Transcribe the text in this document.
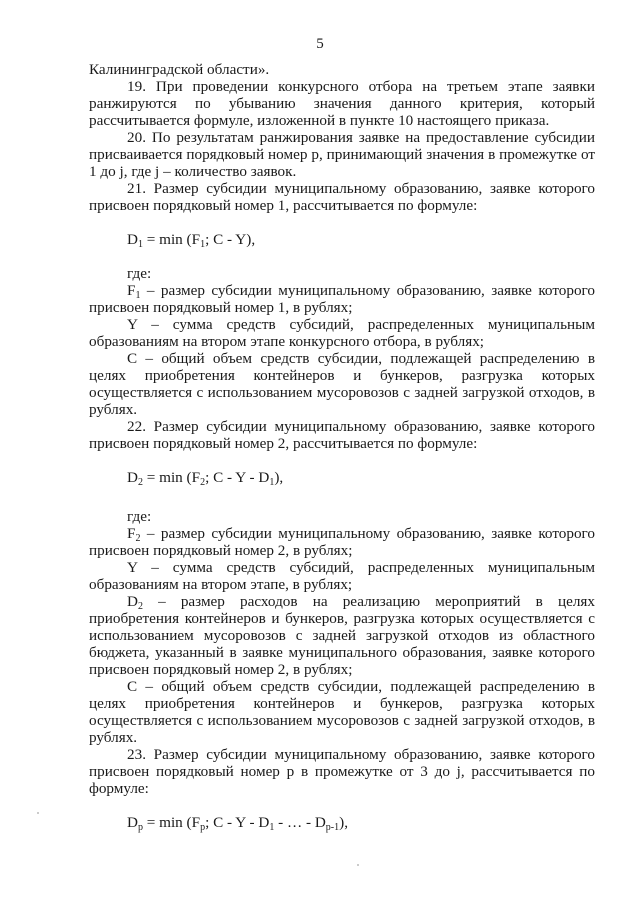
5

Калининградской области».

19. При проведении конкурсного отбора на третьем этапе заявки ранжируются по убыванию значения данного критерия, который рассчитывается формуле, изложенной в пункте 10 настоящего приказа.

20. По результатам ранжирования заявке на предоставление субсидии присваивается порядковый номер p, принимающий значения в промежутке от 1 до j, где j – количество заявок.

21. Размер субсидии муниципальному образованию, заявке которого присвоен порядковый номер 1, рассчитывается по формуле:

$D_1 = \min (F_1$; C - Y),

где:

$F_1$ – размер субсидии муниципальному образованию, заявке которого присвоен порядковый номер 1, в рублях;

Y – сумма средств субсидий, распределенных муниципальным образованиям на втором этапе конкурсного отбора, в рублях;

C – общий объем средств субсидии, подлежащей распределению в целях приобретения контейнеров и бункеров, разгрузка которых осуществляется с использованием мусоровозов с задней загрузкой отходов, в рублях.

22. Размер субсидии муниципальному образованию, заявке которого присвоен порядковый номер 2, рассчитывается по формуле:

$D_2 = \min (F_2$; C - Y - $D_1$),

где:

$F_2$ – размер субсидии муниципальному образованию, заявке которого присвоен порядковый номер 2, в рублях;

Y – сумма средств субсидий, распределенных муниципальным образованиям на втором этапе, в рублях;

$D_2$ – размер расходов на реализацию мероприятий в целях приобретения контейнеров и бункеров, разгрузка которых осуществляется с использованием мусоровозов с задней загрузкой отходов из областного бюджета, указанный в заявке муниципального образования, заявке которого присвоен порядковый номер 2, в рублях;

C – общий объем средств субсидии, подлежащей распределению в целях приобретения контейнеров и бункеров, разгрузка которых осуществляется с использованием мусоровозов с задней загрузкой отходов, в рублях.

23. Размер субсидии муниципальному образованию, заявке которого присвоен порядковый номер p в промежутке от 3 до j, рассчитывается по формуле:

$D_p = \min (F_p$; C - Y - $D_1$ - … - $D_{p-1}$),
